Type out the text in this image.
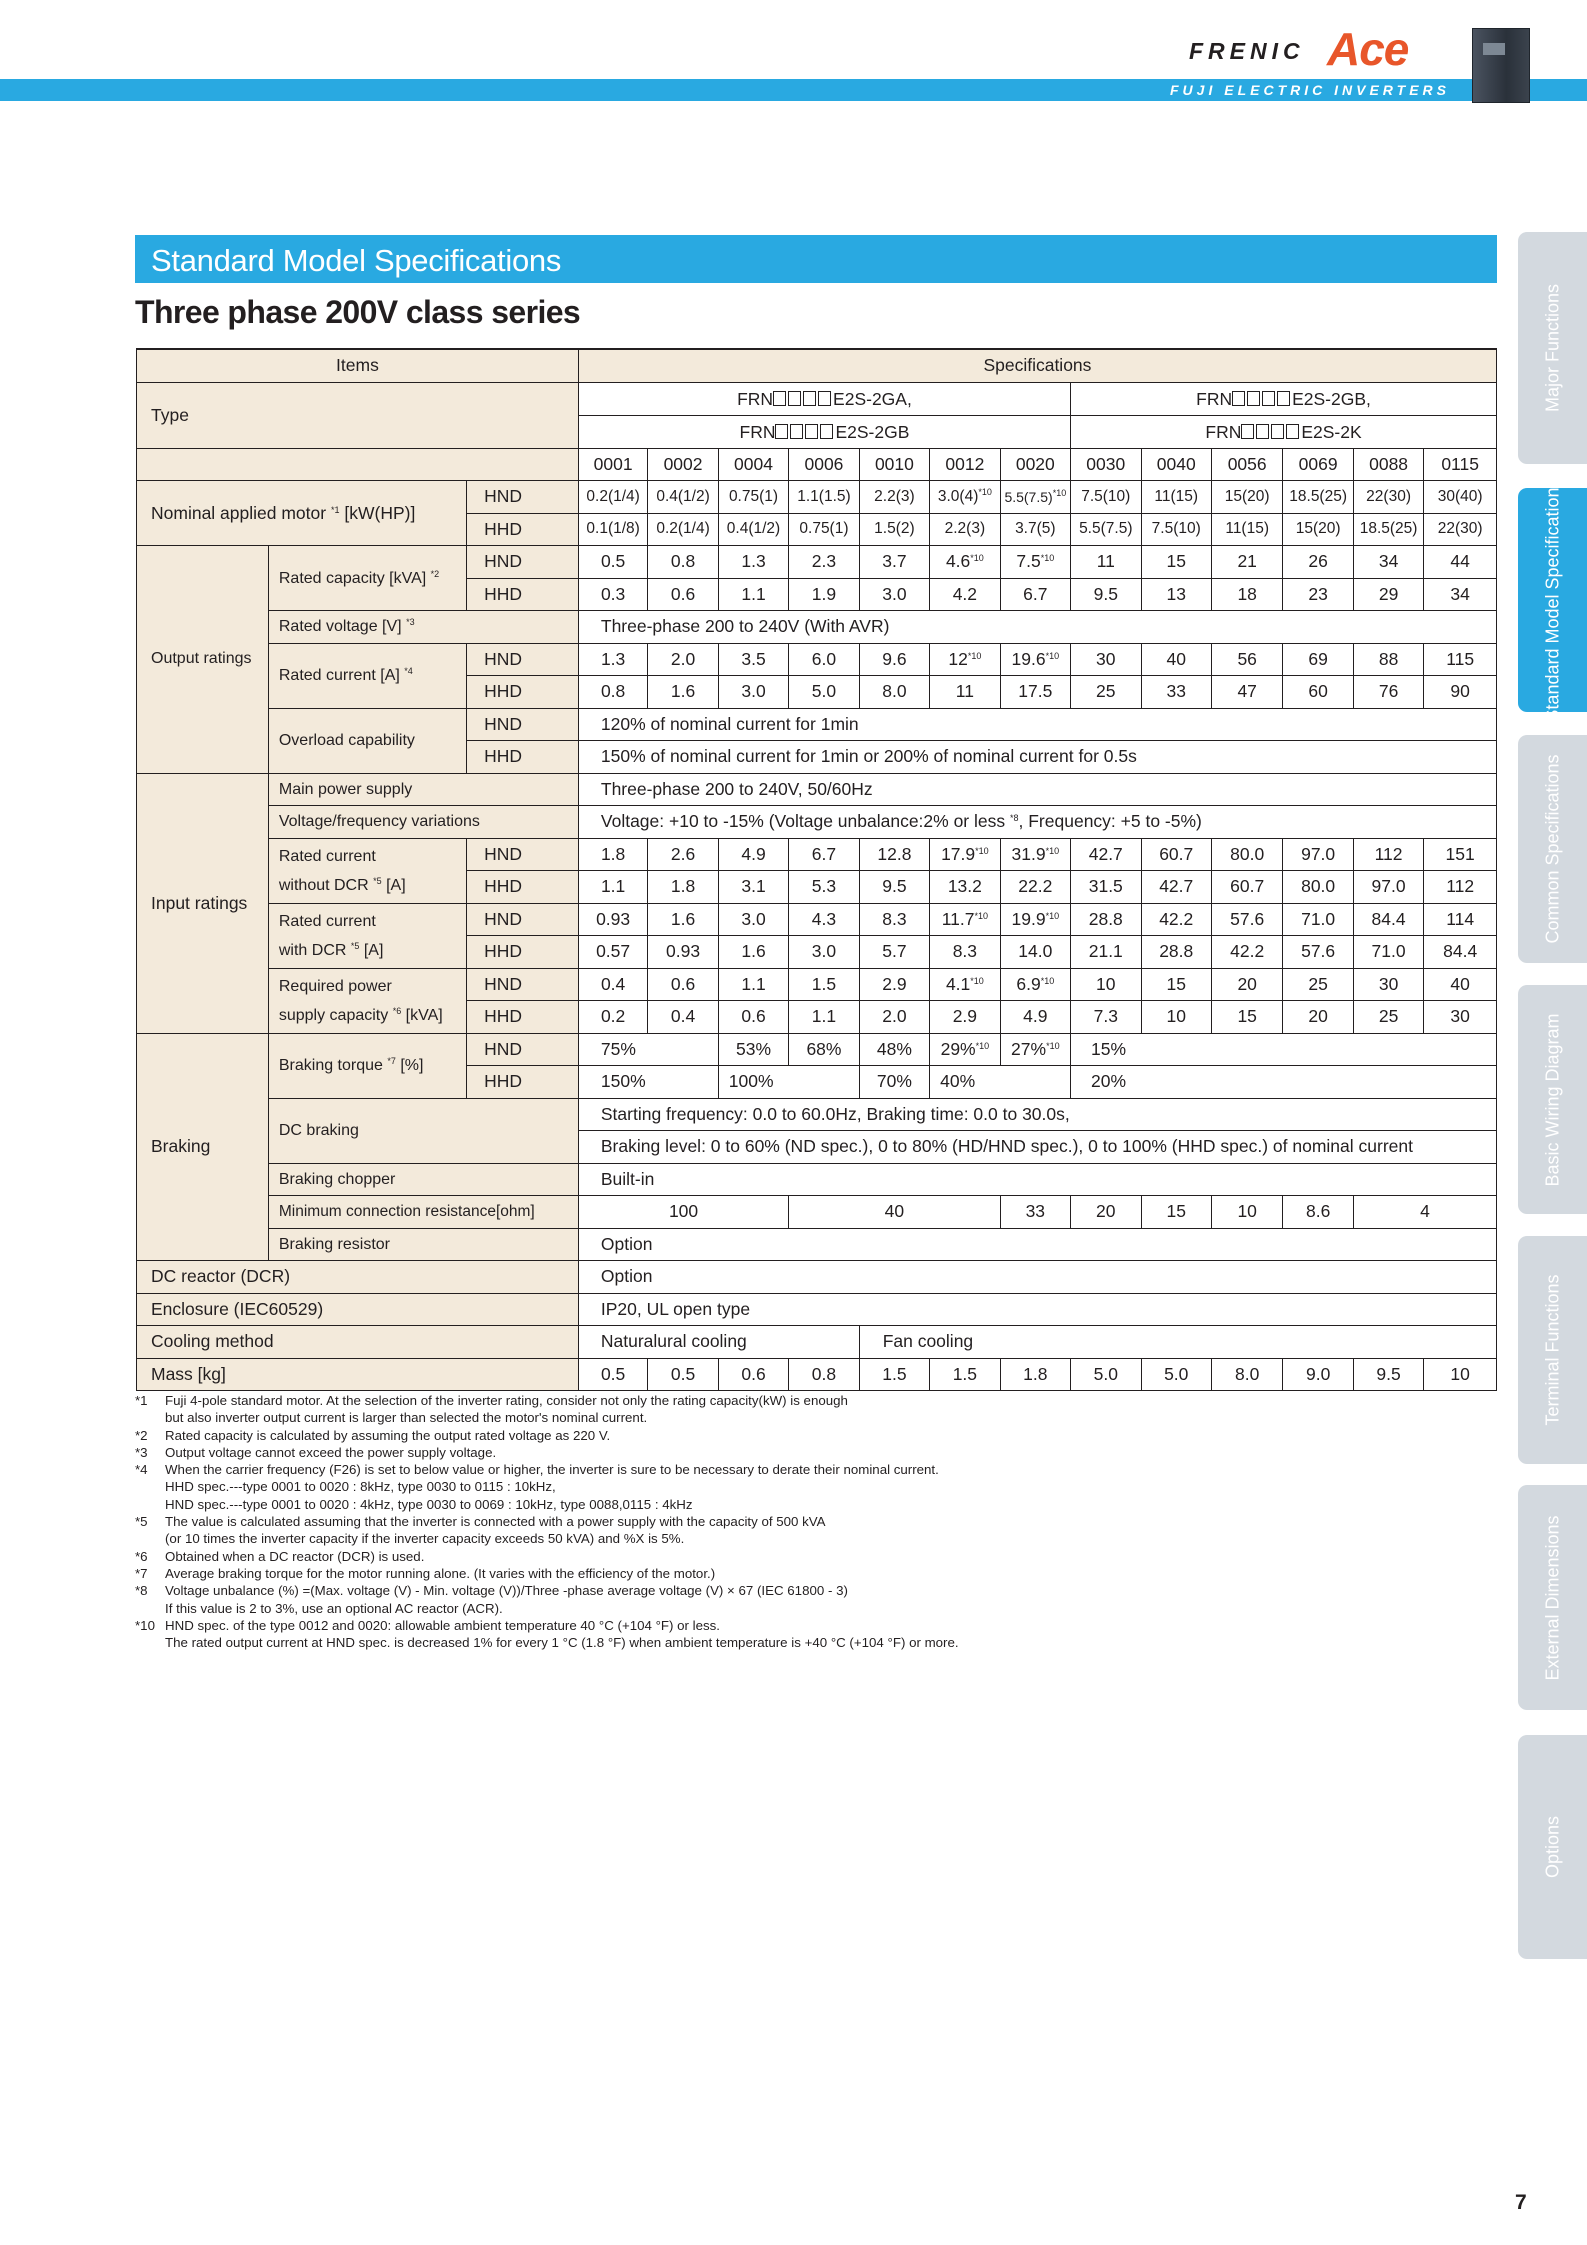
FRENIC Ace
FUJI ELECTRIC INVERTERS
Major Functions
Standard Model Specifications
Common Specifications
Basic Wiring Diagram
Terminal Functions
External Dimensions
Options
Standard Model Specifications
Three phase 200V class series
Items			Specifications												
Type			FRN E2S-2GA,							FRN E2S-2GB,					
			FRN E2S-2GB							FRN E2S-2K					
			0001	0002	0004	0006	0010	0012	0020	0030	0040	0056	0069	0088	0115
Nominal applied motor $^{*1}$ [kW(HP)]		HND	0.2(1/4)	0.4(1/2)	0.75(1)	1.1(1.5)	2.2(3)	$3.0(4)^{*10}$	$5.5(7.5)^{*10}$	7.5(10)	11(15)	15(20)	18.5(25)	22(30)	30(40)
		HHD	0.1(1/8)	0.2(1/4)	0.4(1/2)	0.75(1)	1.5(2)	2.2(3)	3.7(5)	5.5(7.5)	7.5(10)	11(15)	15(20)	18.5(25)	22(30)
Output ratings	Rated capacity [kVA] $^{*2}$	HND	0.5	0.8	1.3	2.3	3.7	4.6$^{*10}$	7.5$^{*10}$	11	15	21	26	34	44
		HHD	0.3	0.6	1.1	1.9	3.0	4.2	6.7	9.5	13	18	23	29	34
	Rated voltage [V] $^{*3}$		Three-phase 200 to 240V (With AVR)												
	Rated current [A] $^{*4}$	HND	1.3	2.0	3.5	6.0	9.6	12$^{*10}$	19.6$^{*10}$	30	40	56	69	88	115
		HHD	0.8	1.6	3.0	5.0	8.0	11	17.5	25	33	47	60	76	90
	Overload capability	HND	120% of nominal current for 1min												
		HHD	150% of nominal current for 1min or 200% of nominal current for 0.5s												
Input ratings	Main power supply		Three-phase 200 to 240V, 50/60Hz												
	Voltage/frequency variations		Voltage: +10 to -15% (Voltage unbalance:2% or less $^{*8}$, Frequency: +5 to -5%)												
	Rated current
without DCR $^{*5}$ [A]	HND	1.8	2.6	4.9	6.7	12.8	17.9$^{*10}$	31.9$^{*10}$	42.7	60.7	80.0	97.0	112	151
		HHD	1.1	1.8	3.1	5.3	9.5	13.2	22.2	31.5	42.7	60.7	80.0	97.0	112
	Rated current
with DCR $^{*5}$ [A]	HND	0.93	1.6	3.0	4.3	8.3	11.7$^{*10}$	19.9$^{*10}$	28.8	42.2	57.6	71.0	84.4	114
		HHD	0.57	0.93	1.6	3.0	5.7	8.3	14.0	21.1	28.8	42.2	57.6	71.0	84.4
	Required power
supply capacity $^{*6}$ [kVA]	HND	0.4	0.6	1.1	1.5	2.9	4.1$^{*10}$	6.9$^{*10}$	10	15	20	25	30	40
		HHD	0.2	0.4	0.6	1.1	2.0	2.9	4.9	7.3	10	15	20	25	30
Braking	Braking torque $^{*7}$ [%]	HND	75%		53%	68%	48%	29%$^{*10}$	27%$^{*10}$	15%					
		HHD	150%		100%		70%	40%		20%					
	DC braking		Starting frequency: 0.0 to 60.0Hz, Braking time: 0.0 to 30.0s,												
			Braking level: 0 to 60% (ND spec.), 0 to 80% (HD/HND spec.), 0 to 100% (HHD spec.) of nominal current												
	Braking chopper		Built-in												
	Minimum connection resistance[ohm]		100			40			33	20	15	10	8.6	4	
	Braking resistor		Option												
DC reactor (DCR)			Option												
Enclosure (IEC60529)			IP20, UL open type												
Cooling method			Naturalural cooling				Fan cooling								
Mass [kg]			0.5	0.5	0.6	0.8	1.5	1.5	1.8	5.0	5.0	8.0	9.0	9.5	10
*1 Fuji 4-pole standard motor. At the selection of the inverter rating, consider not only the rating capacity(kW) is enough
but also inverter output current is larger than selected the motor's nominal current.
*2 Rated capacity is calculated by assuming the output rated voltage as 220 V.
*3 Output voltage cannot exceed the power supply voltage.
*4 When the carrier frequency (F26) is set to below value or higher, the inverter is sure to be necessary to derate their nominal current.
HHD spec.---type 0001 to 0020 : 8kHz, type 0030 to 0115 : 10kHz,
HND spec.---type 0001 to 0020 : 4kHz, type 0030 to 0069 : 10kHz, type 0088,0115 : 4kHz
*5 The value is calculated assuming that the inverter is connected with a power supply with the capacity of 500 kVA
(or 10 times the inverter capacity if the inverter capacity exceeds 50 kVA) and %X is 5%.
*6 Obtained when a DC reactor (DCR) is used.
*7 Average braking torque for the motor running alone. (It varies with the efficiency of the motor.)
*8 Voltage unbalance (%) =(Max. voltage (V) - Min. voltage (V))/Three -phase average voltage (V) × 67 (IEC 61800 - 3)
If this value is 2 to 3%, use an optional AC reactor (ACR).
*10 HND spec. of the type 0012 and 0020: allowable ambient temperature 40 °C (+104 °F) or less.
The rated output current at HND spec. is decreased 1% for every 1 °C (1.8 °F) when ambient temperature is +40 °C (+104 °F) or more.
7
